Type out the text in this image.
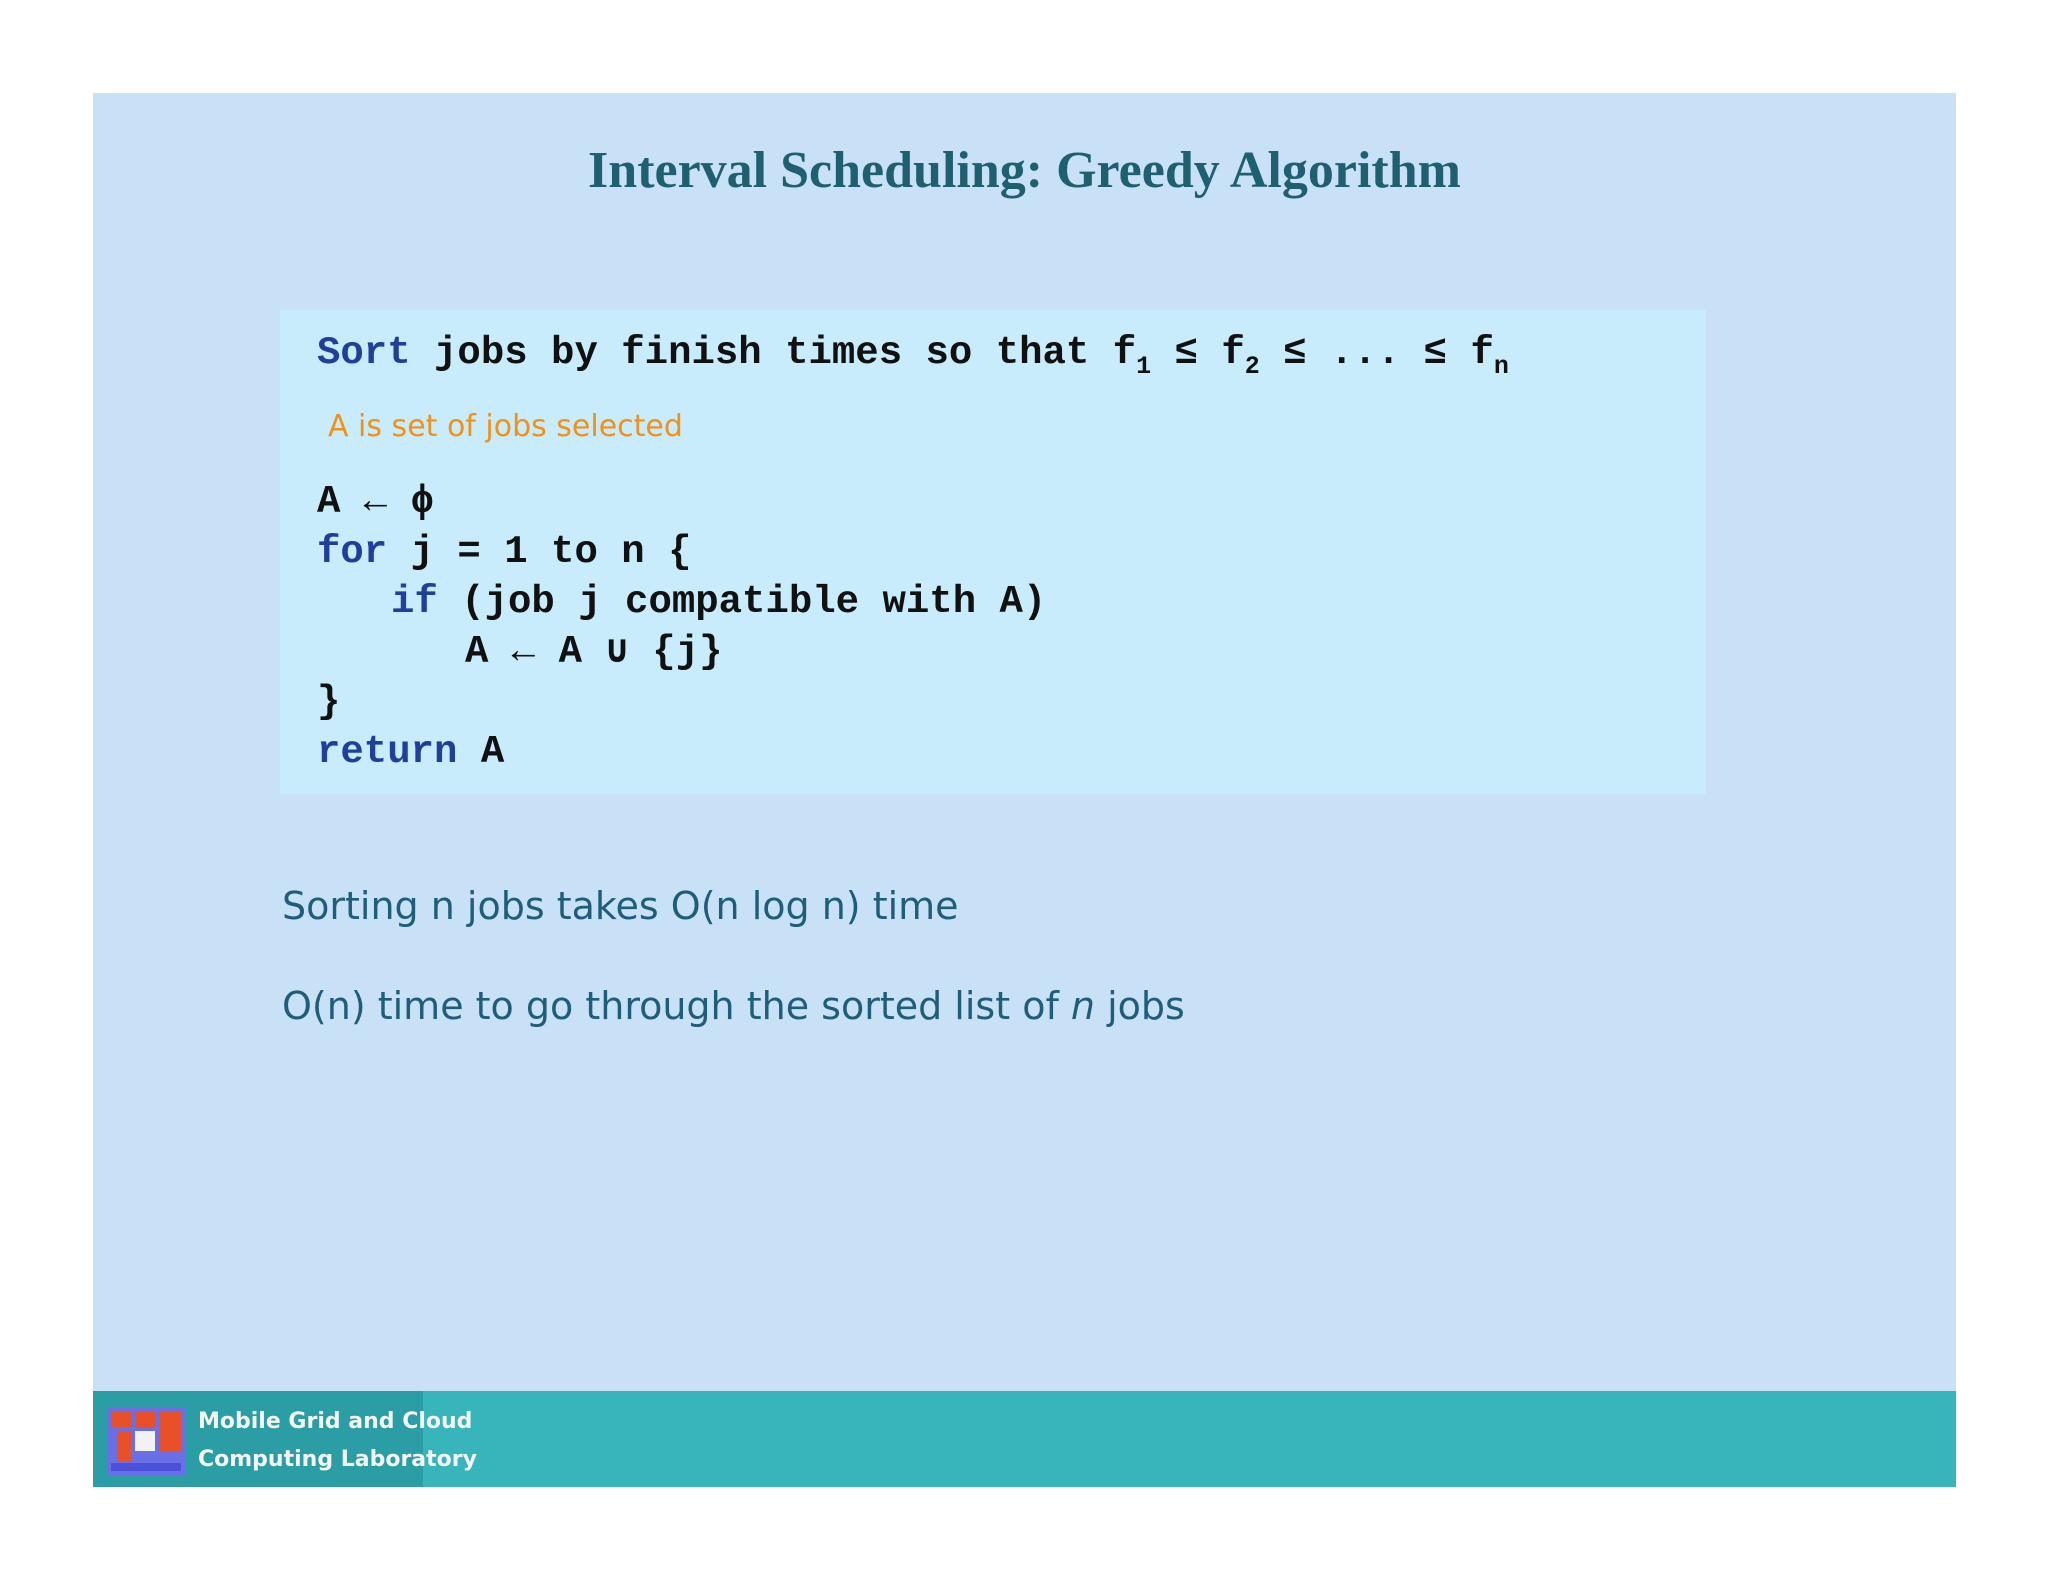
Interval Scheduling: Greedy Algorithm
Sort jobs by finish times so that $f_1 \le f_2$ ≤ ... ≤ $f_n$
A is set of jobs selected
A ← ϕ
for j = 1 to n {
if (job j compatible with A)
A ← A ∪ {j}
}
return A
Sorting n jobs takes O(n log n) time
O(n) time to go through the sorted list of n jobs
Mobile Grid and Cloud
Computing Laboratory
